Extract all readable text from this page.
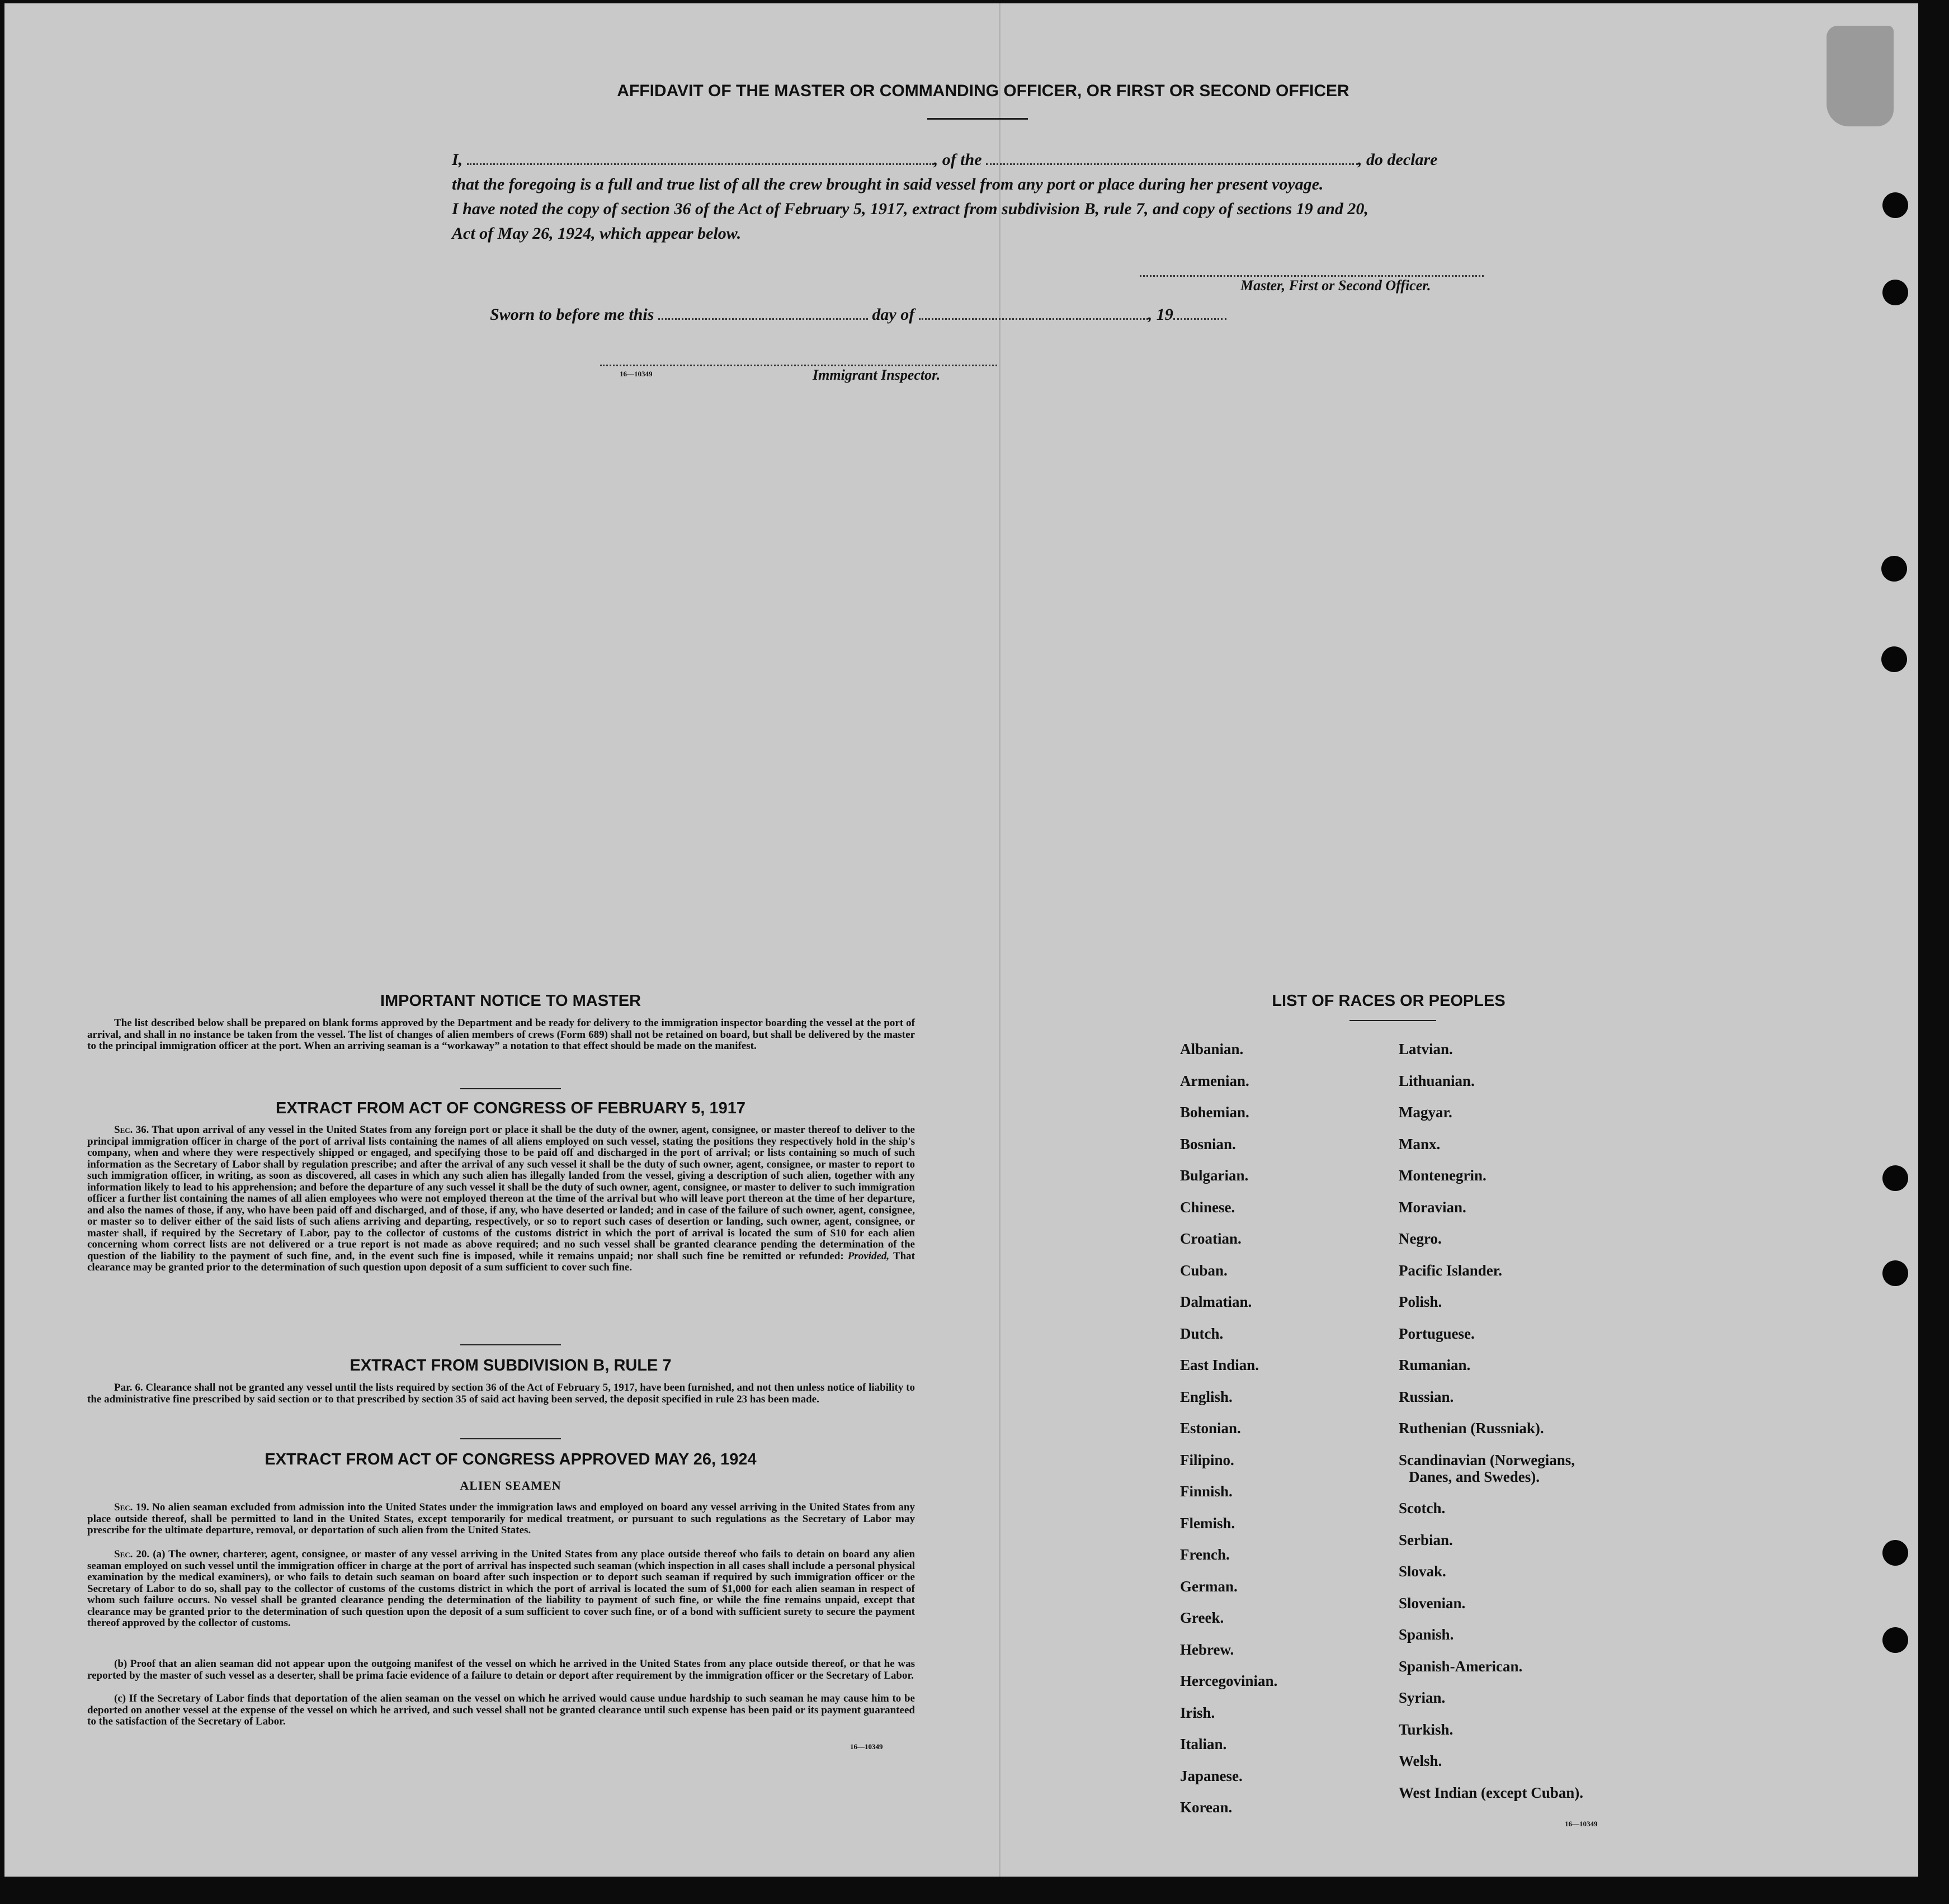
AFFIDAVIT OF THE MASTER OR COMMANDING OFFICER, OR FIRST OR SECOND OFFICER
I,	, of the	, do declare
that the foregoing is a full and true list of all the crew brought in said vessel from any port or place during her present voyage.
I have noted the copy of section 36 of the Act of February 5, 1917, extract from subdivision B, rule 7, and copy of sections 19 and 20,
Act of May 26, 1924, which appear below.
Master, First or Second Officer.
Sworn to before me this	day of	, 19
16—10349	Immigrant Inspector.
IMPORTANT NOTICE TO MASTER
The list described below shall be prepared on blank forms approved by the Department and be ready for delivery to the immigration inspector boarding the vessel at the port of arrival, and shall in no instance be taken from the vessel. The list of changes of alien members of crews (Form 689) shall not be retained on board, but shall be delivered by the master to the principal immigration officer at the port. When an arriving seaman is a “workaway” a notation to that effect should be made on the manifest.
EXTRACT FROM ACT OF CONGRESS OF FEBRUARY 5, 1917
Sec. 36. That upon arrival of any vessel in the United States from any foreign port or place it shall be the duty of the owner, agent, consignee, or master thereof to deliver to the principal immigration officer in charge of the port of arrival lists containing the names of all aliens employed on such vessel, stating the positions they respectively hold in the ship's company, when and where they were respectively shipped or engaged, and specifying those to be paid off and discharged in the port of arrival; or lists containing so much of such information as the Secretary of Labor shall by regulation prescribe; and after the arrival of any such vessel it shall be the duty of such owner, agent, consignee, or master to report to such immigration officer, in writing, as soon as discovered, all cases in which any such alien has illegally landed from the vessel, giving a description of such alien, together with any information likely to lead to his apprehension; and before the departure of any such vessel it shall be the duty of such owner, agent, consignee, or master to deliver to such immigration officer a further list containing the names of all alien employees who were not employed thereon at the time of the arrival but who will leave port thereon at the time of her departure, and also the names of those, if any, who have been paid off and discharged, and of those, if any, who have deserted or landed; and in case of the failure of such owner, agent, consignee, or master so to deliver either of the said lists of such aliens arriving and departing, respectively, or so to report such cases of desertion or landing, such owner, agent, consignee, or master shall, if required by the Secretary of Labor, pay to the collector of customs of the customs district in which the port of arrival is located the sum of $10 for each alien concerning whom correct lists are not delivered or a true report is not made as above required; and no such vessel shall be granted clearance pending the determination of the question of the liability to the payment of such fine, and, in the event such fine is imposed, while it remains unpaid; nor shall such fine be remitted or refunded: Provided, That clearance may be granted prior to the determination of such question upon deposit of a sum sufficient to cover such fine.
EXTRACT FROM SUBDIVISION B, RULE 7
Par. 6. Clearance shall not be granted any vessel until the lists required by section 36 of the Act of February 5, 1917, have been furnished, and not then unless notice of liability to the administrative fine prescribed by said section or to that prescribed by section 35 of said act having been served, the deposit specified in rule 23 has been made.
EXTRACT FROM ACT OF CONGRESS APPROVED MAY 26, 1924
ALIEN SEAMEN
Sec. 19. No alien seaman excluded from admission into the United States under the immigration laws and employed on board any vessel arriving in the United States from any place outside thereof, shall be permitted to land in the United States, except temporarily for medical treatment, or pursuant to such regulations as the Secretary of Labor may prescribe for the ultimate departure, removal, or deportation of such alien from the United States.
Sec. 20. (a) The owner, charterer, agent, consignee, or master of any vessel arriving in the United States from any place outside thereof who fails to detain on board any alien seaman employed on such vessel until the immigration officer in charge at the port of arrival has inspected such seaman (which inspection in all cases shall include a personal physical examination by the medical examiners), or who fails to detain such seaman on board after such inspection or to deport such seaman if required by such immigration officer or the Secretary of Labor to do so, shall pay to the collector of customs of the customs district in which the port of arrival is located the sum of $1,000 for each alien seaman in respect of whom such failure occurs. No vessel shall be granted clearance pending the determination of the liability to payment of such fine, or while the fine remains unpaid, except that clearance may be granted prior to the determination of such question upon the deposit of a sum sufficient to cover such fine, or of a bond with sufficient surety to secure the payment thereof approved by the collector of customs.
(b) Proof that an alien seaman did not appear upon the outgoing manifest of the vessel on which he arrived in the United States from any place outside thereof, or that he was reported by the master of such vessel as a deserter, shall be prima facie evidence of a failure to detain or deport after requirement by the immigration officer or the Secretary of Labor.
(c) If the Secretary of Labor finds that deportation of the alien seaman on the vessel on which he arrived would cause undue hardship to such seaman he may cause him to be deported on another vessel at the expense of the vessel on which he arrived, and such vessel shall not be granted clearance until such expense has been paid or its payment guaranteed to the satisfaction of the Secretary of Labor.
16—10349
LIST OF RACES OR PEOPLES
Albanian.
Armenian.
Bohemian.
Bosnian.
Bulgarian.
Chinese.
Croatian.
Cuban.
Dalmatian.
Dutch.
East Indian.
English.
Estonian.
Filipino.
Finnish.
Flemish.
French.
German.
Greek.
Hebrew.
Hercegovinian.
Irish.
Italian.
Japanese.
Korean.
Latvian.
Lithuanian.
Magyar.
Manx.
Montenegrin.
Moravian.
Negro.
Pacific Islander.
Polish.
Portuguese.
Rumanian.
Russian.
Ruthenian (Russniak).
Scandinavian (Norwegians,
Danes, and Swedes).
Scotch.
Serbian.
Slovak.
Slovenian.
Spanish.
Spanish-American.
Syrian.
Turkish.
Welsh.
West Indian (except Cuban).
16—10349
